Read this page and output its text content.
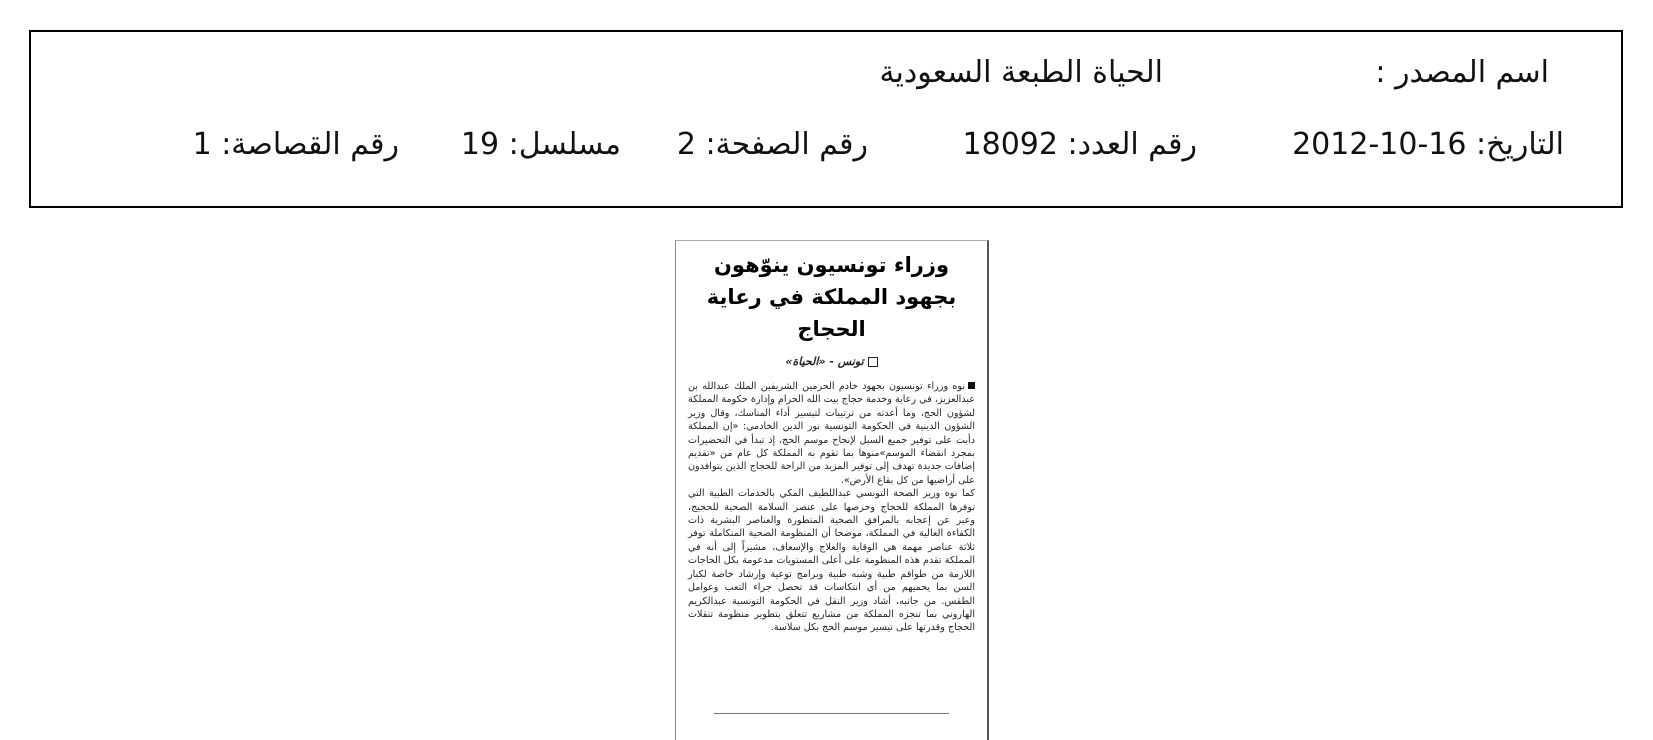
اسم المصدر :
الحياة الطبعة السعودية
التاريخ: 16-10-2012
رقم العدد: 18092
رقم الصفحة: 2
مسلسل: 19
رقم القصاصة: 1
وزراء تونسيون ينوّهون بجهود المملكة في رعاية الحجاج
تونس - «الحياة»

نوه وزراء تونسيون بجهود خادم الحرمين الشريفين الملك عبدالله بن عبدالعزيز، في رعاية وخدمة حجاج بيت الله الحرام وإدارة حكومة المملكة لشؤون الحج، وما أعدته من ترتيبات لتيسير أداء المناسك، وقال وزير الشؤون الدينية في الحكومة التونسية نور الدين الخادمي: «إن المملكة دأبت على توفير جميع السبل لإنجاح موسم الحج، إذ تبدأ في التحضيرات بمجرد انقضاء الموسم»منوها بما تقوم به المملكة كل عام من «تقديم إضافات جديدة تهدف إلى توفير المزيد من الراحة للحجاج الذين يتوافدون على أراضيها من كل بقاع الأرض».

كما نوه وزير الصحة التونسي عبداللطيف المكي بالخدمات الطبية التي توفرها المملكة للحجاج وحرصها على عنصر السلامة الصحية للحجيج، وعبر عن إعجابه بالمرافق الصحية المتطورة والعناصر البشرية ذات الكفاءة العالية في المملكة، موضحا أن المنظومة الصحية المتكاملة توفر ثلاثة عناصر مهمة هي الوقاية والعلاج والإسعاف، مشيراً إلى أنه في المملكة تقدم هذه المنظومة على أعلى المستويات مدعومة بكل الحاجات اللازمة من طواقم طبية وشبه طبية وبرامج توعية وإرشاد خاصة لكبار السن بما يحميهم من أي انتكاسات قد تحصل جراء التعب وعوامل الطقس. من جانبه، أشاد وزير النقل في الحكومة التونسية عبدالكريم الهاروني بما تنجزه المملكة من مشاريع تتعلق بتطوير منظومة تنقلات الحجاج وقدرتها على تيسير موسم الحج بكل سلاسة.
